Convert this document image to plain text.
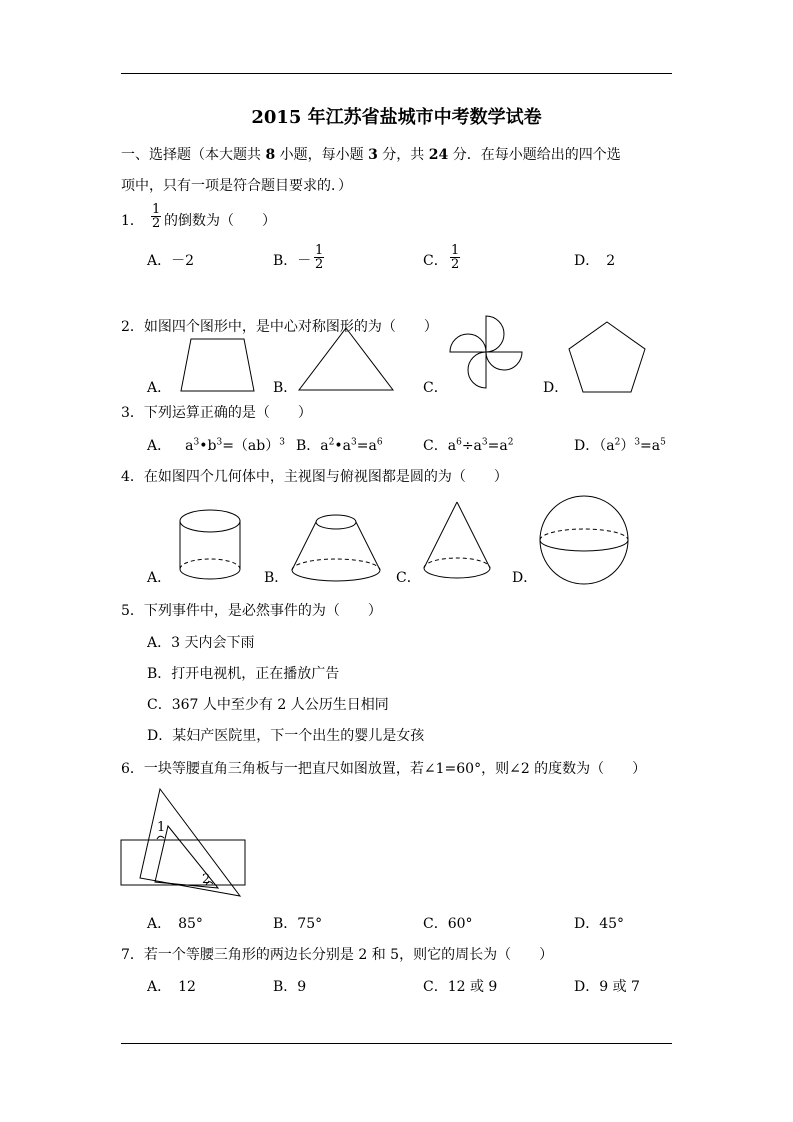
2015 年江苏省盐城市中考数学试卷
一、选择题（本大题共 8 小题，每小题 3 分，共 24 分．在每小题给出的四个选
项中，只有一项是符合题目要求的．）
1． $\frac{1}{2}$ 的倒数为（　　）
A．－2	B．－ $\frac{1}{2}$	C． $\frac{1}{2}$	D．　2
2．如图四个图形中，是中心对称图形的为（　　）
A．	B．	C．	D．
3．下列运算正确的是（　　）
A． $a^3•b^3=(ab)^3$ B．$a^2•a^3=a^6$	C．$a^6\div a^3=a^2$	D．$(a^2)^3=a^5$
4．在如图四个几何体中，主视图与俯视图都是圆的为（　　）
A．	B．	C．	D．
5．下列事件中，是必然事件的为（　　）
A．3 天内会下雨
B．打开电视机，正在播放广告
C．367 人中至少有 2 人公历生日相同
D．某妇产医院里，下一个出生的婴儿是女孩
6．一块等腰直角三角板与一把直尺如图放置，若∠1=60°，则∠2 的度数为（　　）
1
2
A．　85°	B．75°	C．60°	D．45°
7．若一个等腰三角形的两边长分别是 2 和 5，则它的周长为（　　）
A．　12	B．9	C．12 或 9	D．9 或 7
